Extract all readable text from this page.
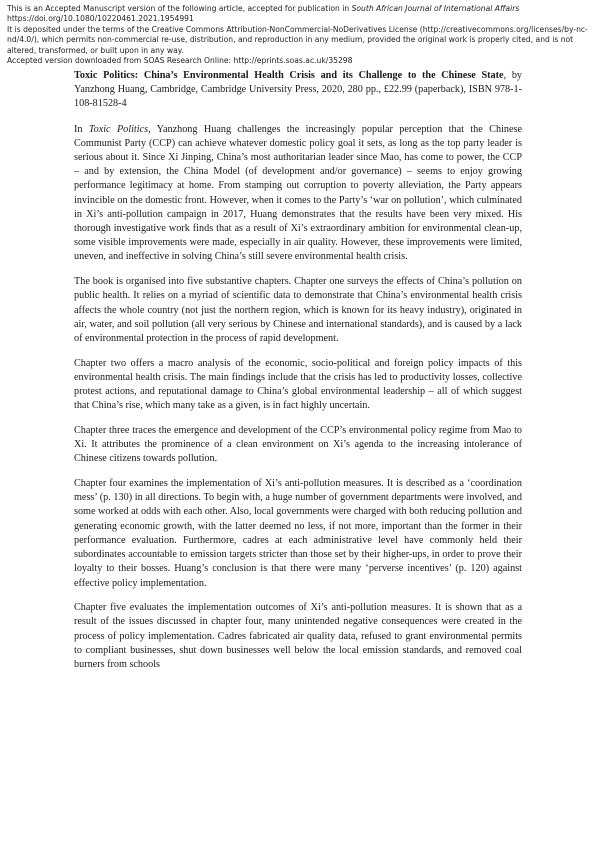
This is an Accepted Manuscript version of the following article, accepted for publication in South African Journal of International Affairs

https://doi.org/10.1080/10220461.2021.1954991

It is deposited under the terms of the Creative Commons Attribution-NonCommercial-NoDerivatives License (http://creativecommons.org/licenses/by-nc-nd/4.0/), which permits non-commercial re-use, distribution, and reproduction in any medium, provided the original work is properly cited, and is not altered, transformed, or built upon in any way.

Accepted version downloaded from SOAS Research Online: http://eprints.soas.ac.uk/35298

Toxic Politics: China’s Environmental Health Crisis and its Challenge to the Chinese State, by Yanzhong Huang, Cambridge, Cambridge University Press, 2020, 280 pp., £22.99 (paperback), ISBN 978-1-108-81528-4

In Toxic Politics, Yanzhong Huang challenges the increasingly popular perception that the Chinese Communist Party (CCP) can achieve whatever domestic policy goal it sets, as long as the top party leader is serious about it. Since Xi Jinping, China’s most authoritarian leader since Mao, has come to power, the CCP – and by extension, the China Model (of development and/or governance) – seems to enjoy growing performance legitimacy at home. From stamping out corruption to poverty alleviation, the Party appears invincible on the domestic front. However, when it comes to the Party’s ‘war on pollution’, which culminated in Xi’s anti-pollution campaign in 2017, Huang demonstrates that the results have been very mixed. His thorough investigative work finds that as a result of Xi’s extraordinary ambition for environmental clean-up, some visible improvements were made, especially in air quality. However, these improvements were limited, uneven, and ineffective in solving China’s still severe environmental health crisis.

The book is organised into five substantive chapters. Chapter one surveys the effects of China’s pollution on public health. It relies on a myriad of scientific data to demonstrate that China’s environmental health crisis affects the whole country (not just the northern region, which is known for its heavy industry), originated in air, water, and soil pollution (all very serious by Chinese and international standards), and is caused by a lack of environmental protection in the process of rapid development.

Chapter two offers a macro analysis of the economic, socio-political and foreign policy impacts of this environmental health crisis. The main findings include that the crisis has led to productivity losses, collective protest actions, and reputational damage to China’s global environmental leadership – all of which suggest that China’s rise, which many take as a given, is in fact highly uncertain.

Chapter three traces the emergence and development of the CCP’s environmental policy regime from Mao to Xi. It attributes the prominence of a clean environment on Xi’s agenda to the increasing intolerance of Chinese citizens towards pollution.

Chapter four examines the implementation of Xi’s anti-pollution measures. It is described as a ‘coordination mess’ (p. 130) in all directions. To begin with, a huge number of government departments were involved, and some worked at odds with each other. Also, local governments were charged with both reducing pollution and generating economic growth, with the latter deemed no less, if not more, important than the former in their performance evaluation. Furthermore, cadres at each administrative level have commonly held their subordinates accountable to emission targets stricter than those set by their higher-ups, in order to prove their loyalty to their bosses. Huang’s conclusion is that there were many ‘perverse incentives’ (p. 120) against effective policy implementation.

Chapter five evaluates the implementation outcomes of Xi’s anti-pollution measures. It is shown that as a result of the issues discussed in chapter four, many unintended negative consequences were created in the process of policy implementation. Cadres fabricated air quality data, refused to grant environmental permits to compliant businesses, shut down businesses well below the local emission standards, and removed coal burners from schools
